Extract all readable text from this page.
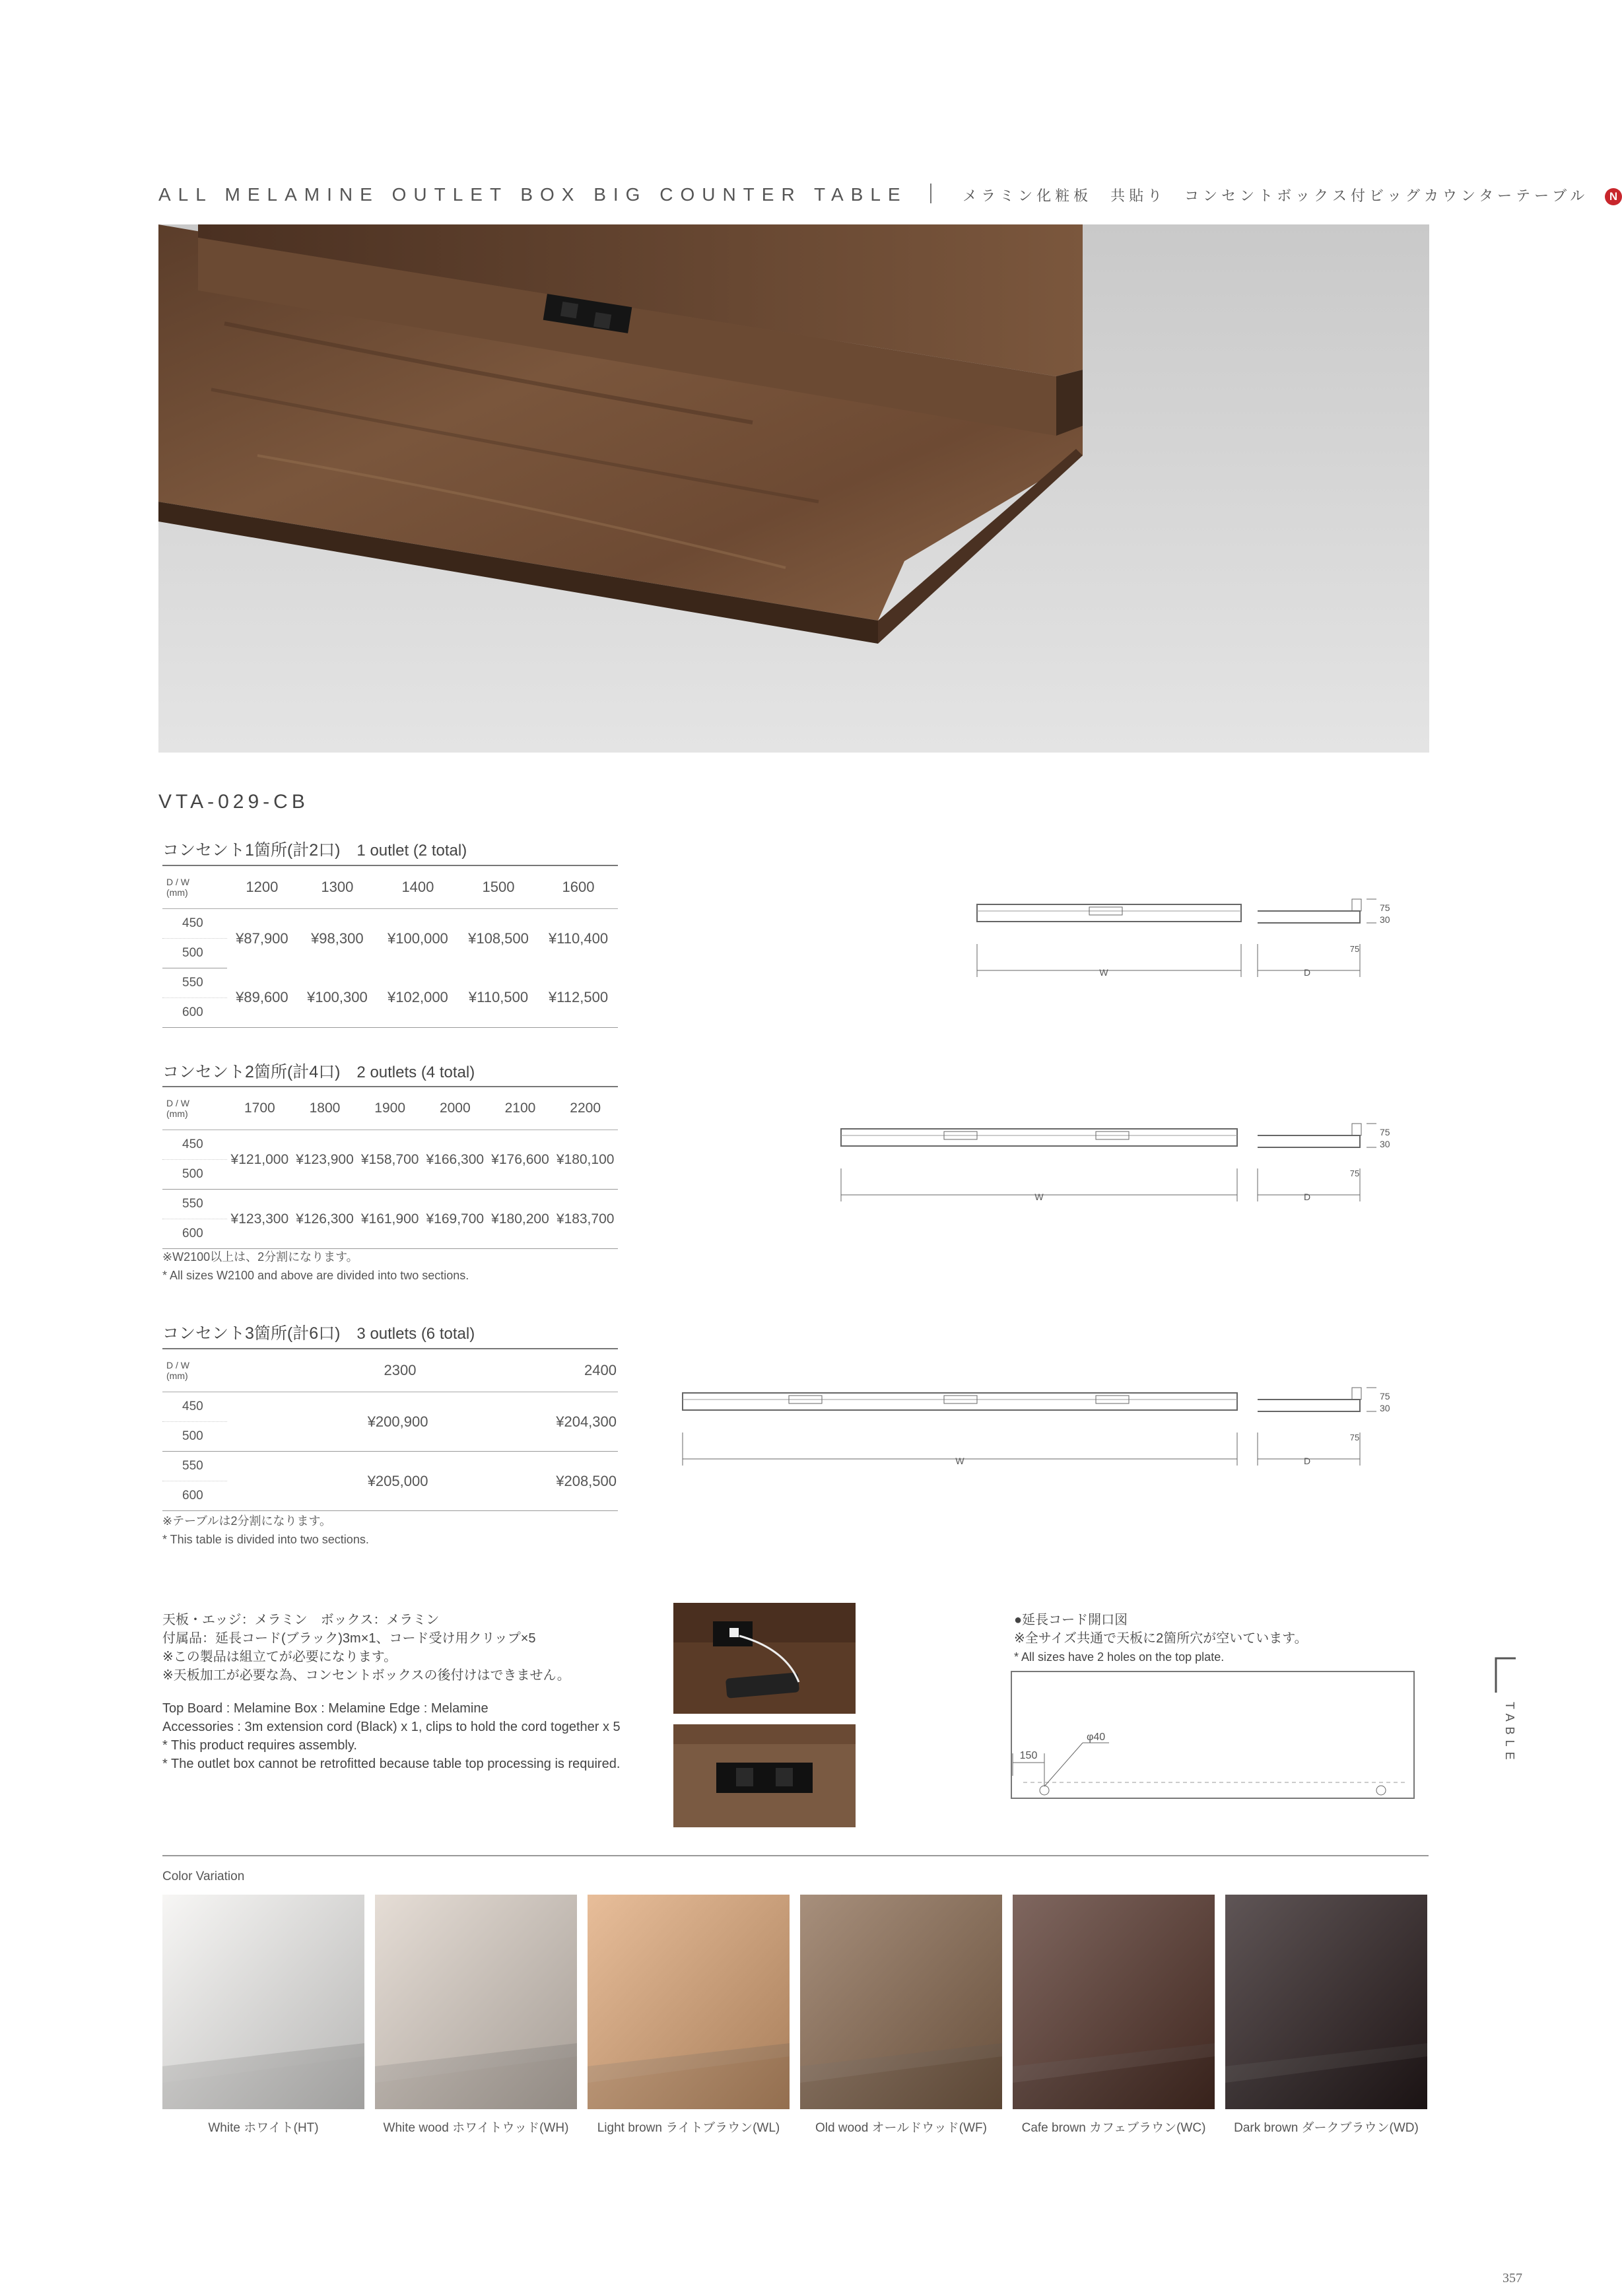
ALL MELAMINE OUTLET BOX BIG COUNTER TABLE	メラミン化粧板　共貼り　コンセントボックス付ビッグカウンターテーブル N
VTA-029-CB
コンセント1箇所(計2口) 1 outlet (2 total)
D / W
(mm)	1200	1300	1400	1500	1600
450	¥87,900	¥98,300	¥100,000	¥108,500	¥110,400
500					
550	¥89,600	¥100,300	¥102,000	¥110,500	¥112,500
600					
コンセント2箇所(計4口) 2 outlets (4 total)
D / W
(mm)	1700	1800	1900	2000	2100	2200
450	¥121,000	¥123,900	¥158,700	¥166,300	¥176,600	¥180,100
500						
550	¥123,300	¥126,300	¥161,900	¥169,700	¥180,200	¥183,700
600						
※W2100以上は、2分割になります。
* All sizes W2100 and above are divided into two sections.
コンセント3箇所(計6口) 3 outlets (6 total)
D / W
(mm)	2300	2400
450	¥200,900	¥204,300
500		
550	¥205,000	¥208,500
600		
※テーブルは2分割になります。
* This table is divided into two sections.
W	D
75
75
30
W	D
75
75
30
W	D
75
75
30
天板・エッジ：メラミン　ボックス：メラミン
付属品：延長コード(ブラック)3m×1、コード受け用クリップ×5
※この製品は組立てが必要になります。
※天板加工が必要な為、コンセントボックスの後付けはできません。
Top Board : Melamine Box : Melamine Edge : Melamine
Accessories : 3m extension cord (Black) x 1, clips to hold the cord together x 5
* This product requires assembly.
* The outlet box cannot be retrofitted because table top processing is required.
●延長コード開口図
※全サイズ共通で天板に2箇所穴が空いています。
* All sizes have 2 holes on the top plate.
150
φ40	TABLE
Color Variation
White ホワイト(HT)	White wood ホワイトウッド(WH)	Light brown ライトブラウン(WL)	Old wood オールドウッド(WF)	Cafe brown カフェブラウン(WC)	Dark brown ダークブラウン(WD)
357
